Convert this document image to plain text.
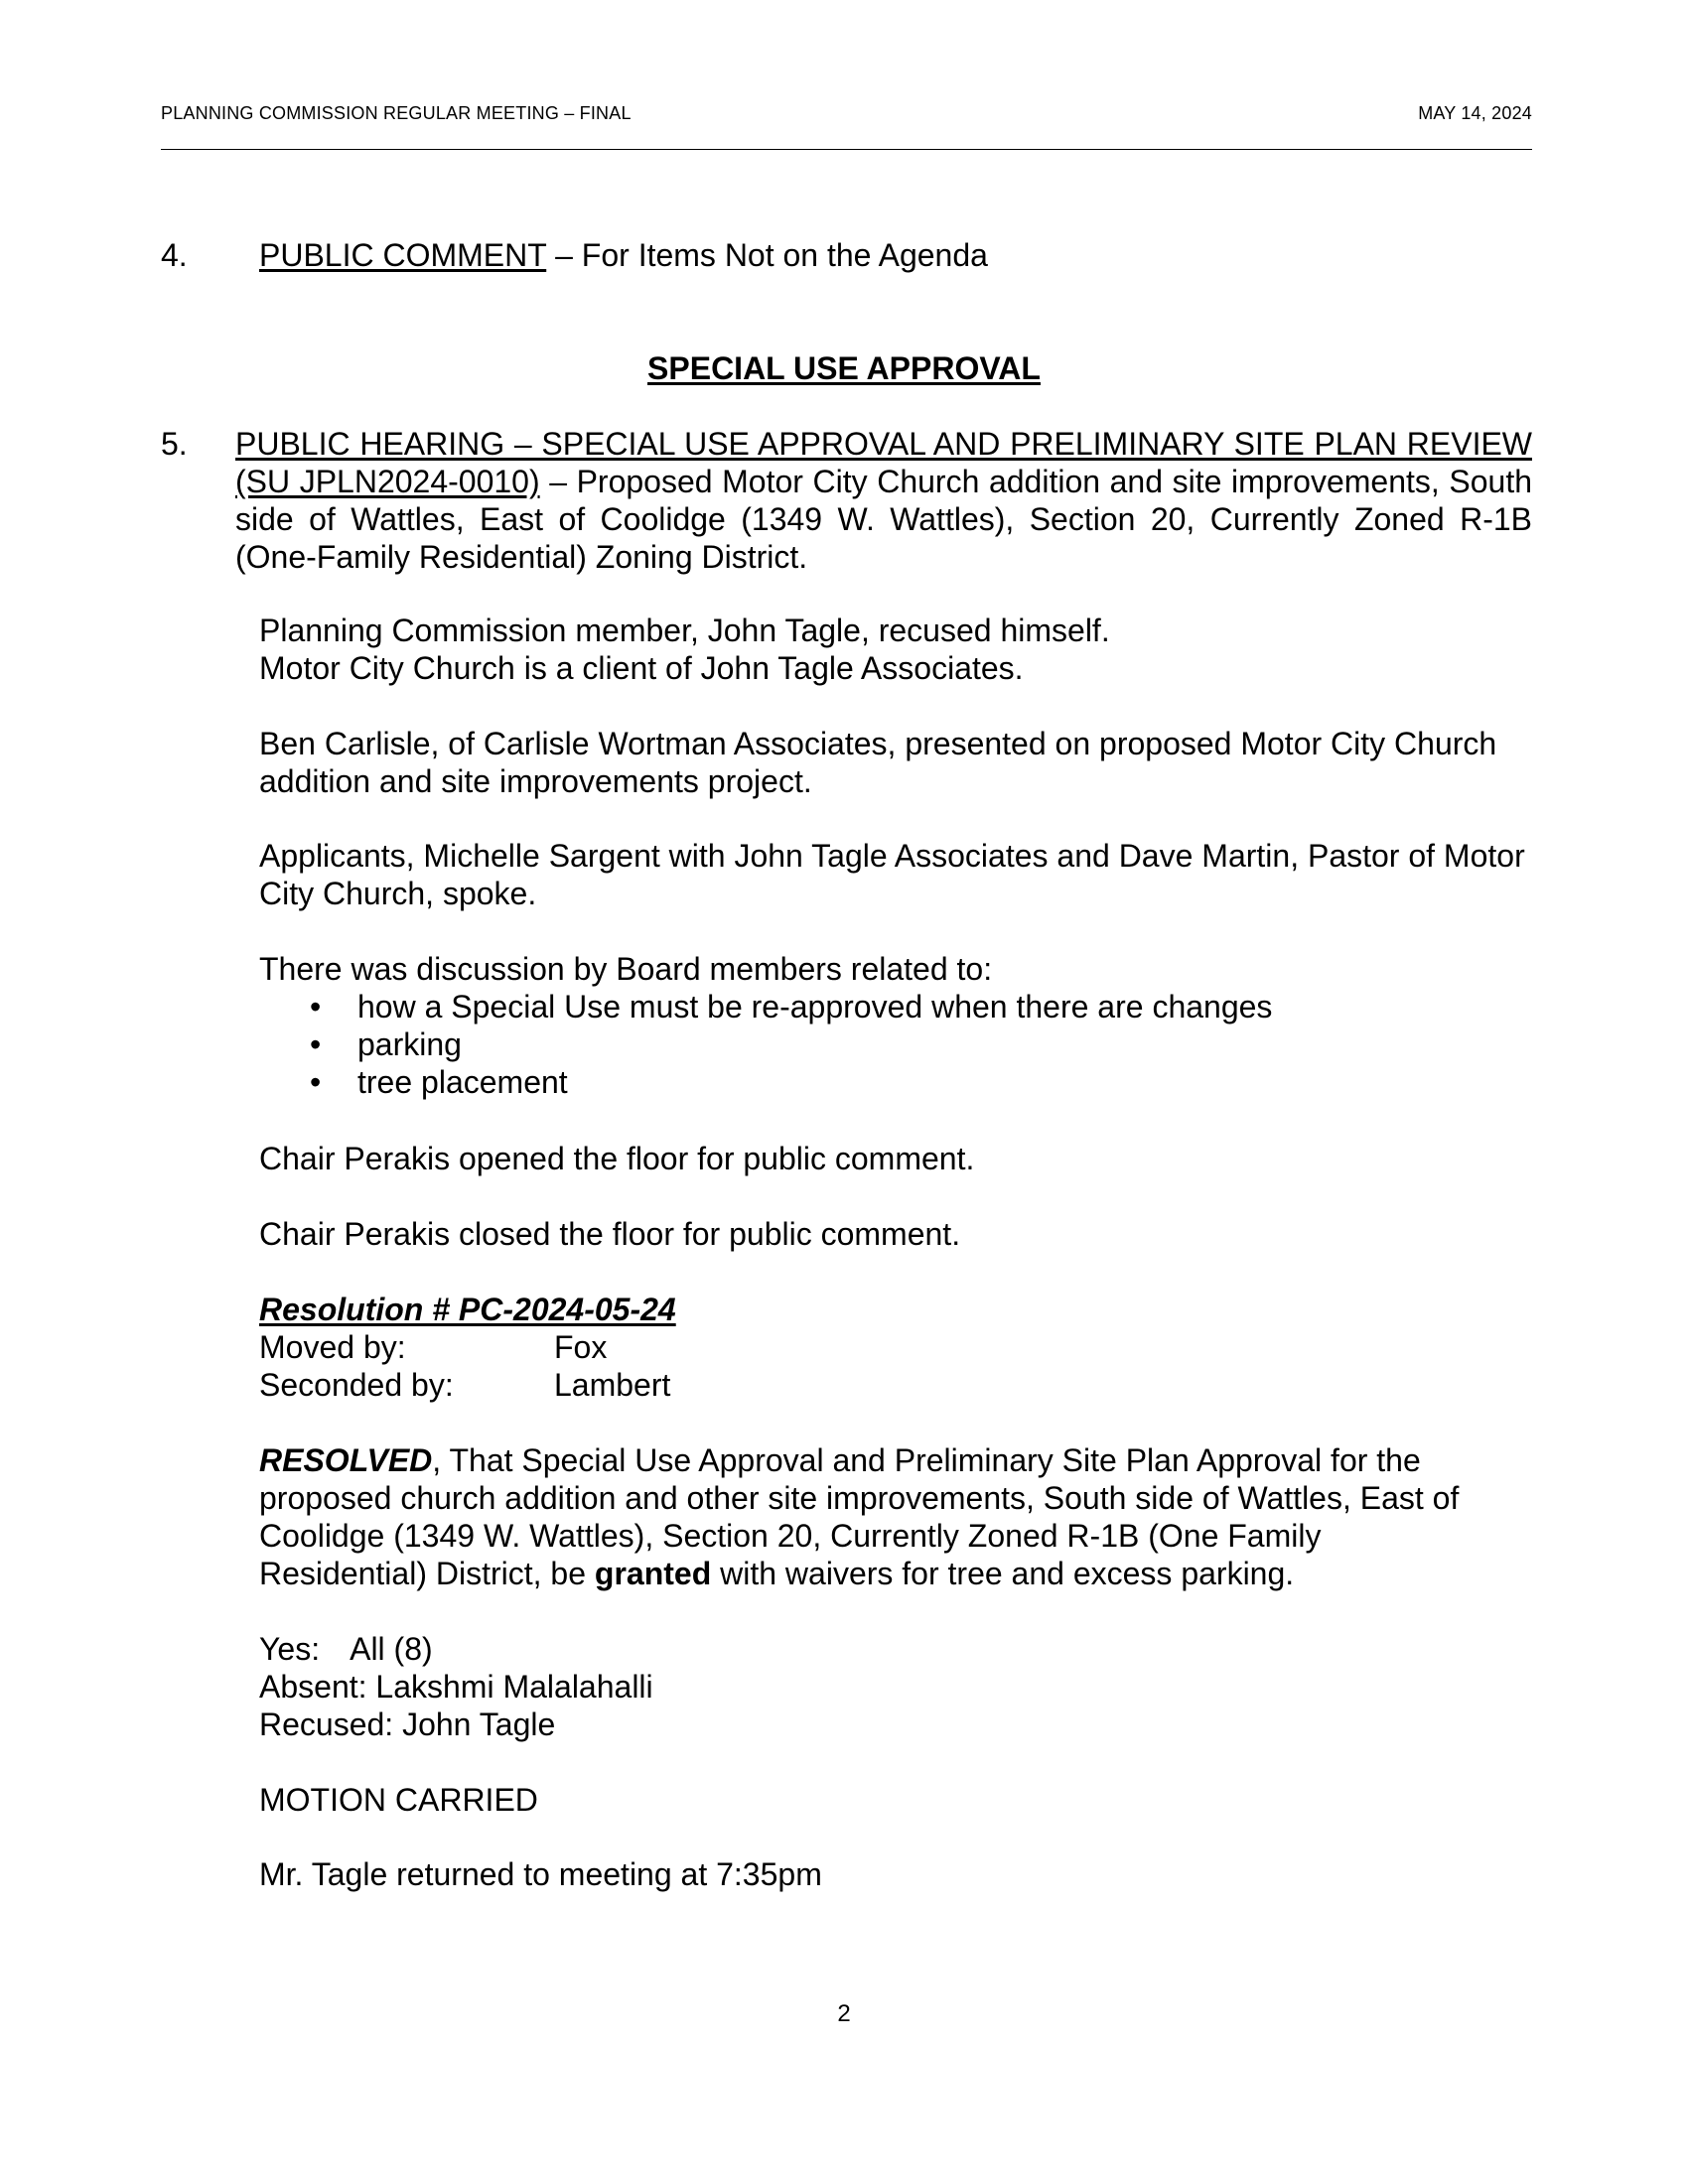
PLANNING COMMISSION REGULAR MEETING – FINAL	MAY 14, 2024
4. PUBLIC COMMENT – For Items Not on the Agenda
SPECIAL USE APPROVAL
5. PUBLIC HEARING – SPECIAL USE APPROVAL AND PRELIMINARY SITE PLAN REVIEW (SU JPLN2024-0010) – Proposed Motor City Church addition and site improvements, South side of Wattles, East of Coolidge (1349 W. Wattles), Section 20, Currently Zoned R-1B (One-Family Residential) Zoning District.
Planning Commission member, John Tagle, recused himself.
Motor City Church is a client of John Tagle Associates.
Ben Carlisle, of Carlisle Wortman Associates, presented on proposed Motor City Church
addition and site improvements project.
Applicants, Michelle Sargent with John Tagle Associates and Dave Martin, Pastor of Motor
City Church, spoke.
There was discussion by Board members related to:
• how a Special Use must be re-approved when there are changes
• parking
• tree placement
Chair Perakis opened the floor for public comment.
Chair Perakis closed the floor for public comment.
Resolution # PC-2024-05-24
Moved by:	Fox
Seconded by:	Lambert
RESOLVED, That Special Use Approval and Preliminary Site Plan Approval for the
proposed church addition and other site improvements, South side of Wattles, East of
Coolidge (1349 W. Wattles), Section 20, Currently Zoned R-1B (One Family
Residential) District, be granted with waivers for tree and excess parking.
Yes: All (8)
Absent: Lakshmi Malalahalli
Recused: John Tagle
MOTION CARRIED
Mr. Tagle returned to meeting at 7:35pm
2
